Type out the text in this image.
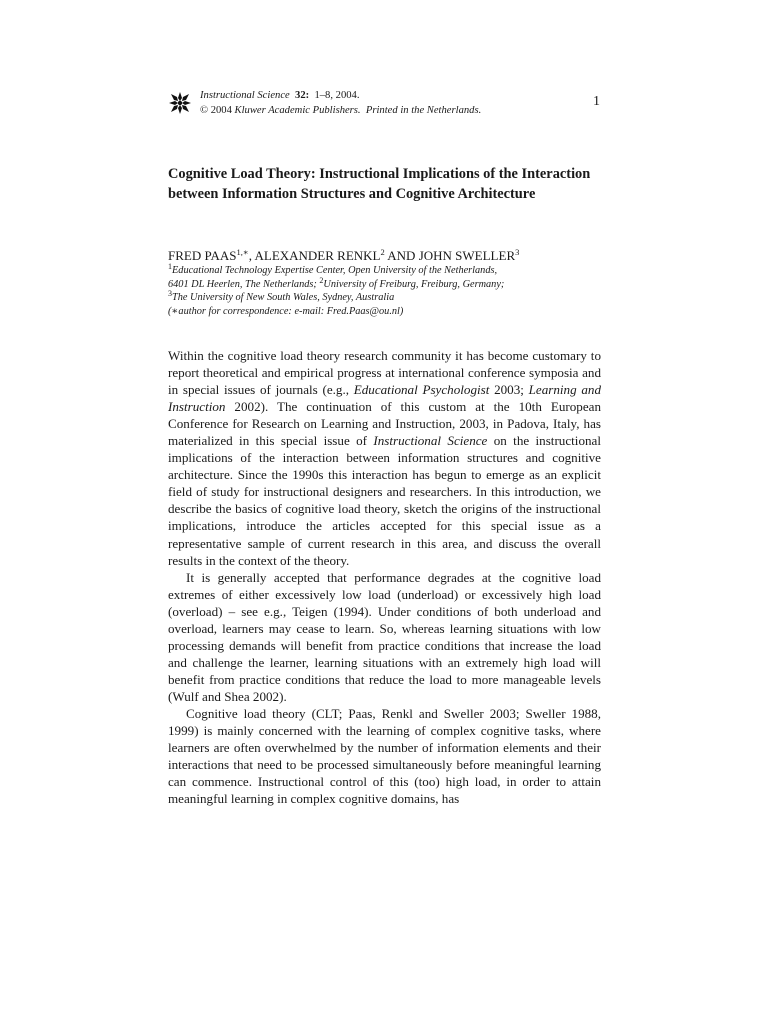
Instructional Science 32: 1–8, 2004.
© 2004 Kluwer Academic Publishers. Printed in the Netherlands.
1
Cognitive Load Theory: Instructional Implications of the Interaction between Information Structures and Cognitive Architecture
FRED $PAAS^{1,∗}$, ALEXANDER RENKL$^2$ AND JOHN SWELLER$^3$
$^1$Educational Technology Expertise Center, Open University of the Netherlands,
6401 DL Heerlen, The Netherlands; $^2$University of Freiburg, Freiburg, Germany;
$^3$The University of New South Wales, Sydney, Australia
(∗author for correspondence: e-mail: Fred.Paas@ou.nl)

Within the cognitive load theory research community it has become customary to report theoretical and empirical progress at international conference symposia and in special issues of journals (e.g., Educational Psychologist 2003; Learning and Instruction 2002). The continuation of this custom at the 10th European Conference for Research on Learning and Instruction, 2003, in Padova, Italy, has materialized in this special issue of Instructional Science on the instructional implications of the interaction between information structures and cognitive architecture. Since the 1990s this interaction has begun to emerge as an explicit field of study for instructional designers and researchers. In this introduction, we describe the basics of cognitive load theory, sketch the origins of the instructional implications, introduce the articles accepted for this special issue as a representative sample of current research in this area, and discuss the overall results in the context of the theory.

It is generally accepted that performance degrades at the cognitive load extremes of either excessively low load (underload) or excessively high load (overload) – see e.g., Teigen (1994). Under conditions of both underload and overload, learners may cease to learn. So, whereas learning situations with low processing demands will benefit from practice conditions that increase the load and challenge the learner, learning situations with an extremely high load will benefit from practice conditions that reduce the load to more manageable levels (Wulf and Shea 2002).

Cognitive load theory (CLT; Paas, Renkl and Sweller 2003; Sweller 1988, 1999) is mainly concerned with the learning of complex cognitive tasks, where learners are often overwhelmed by the number of information elements and their interactions that need to be processed simultaneously before meaningful learning can commence. Instructional control of this (too) high load, in order to attain meaningful learning in complex cognitive domains, has
